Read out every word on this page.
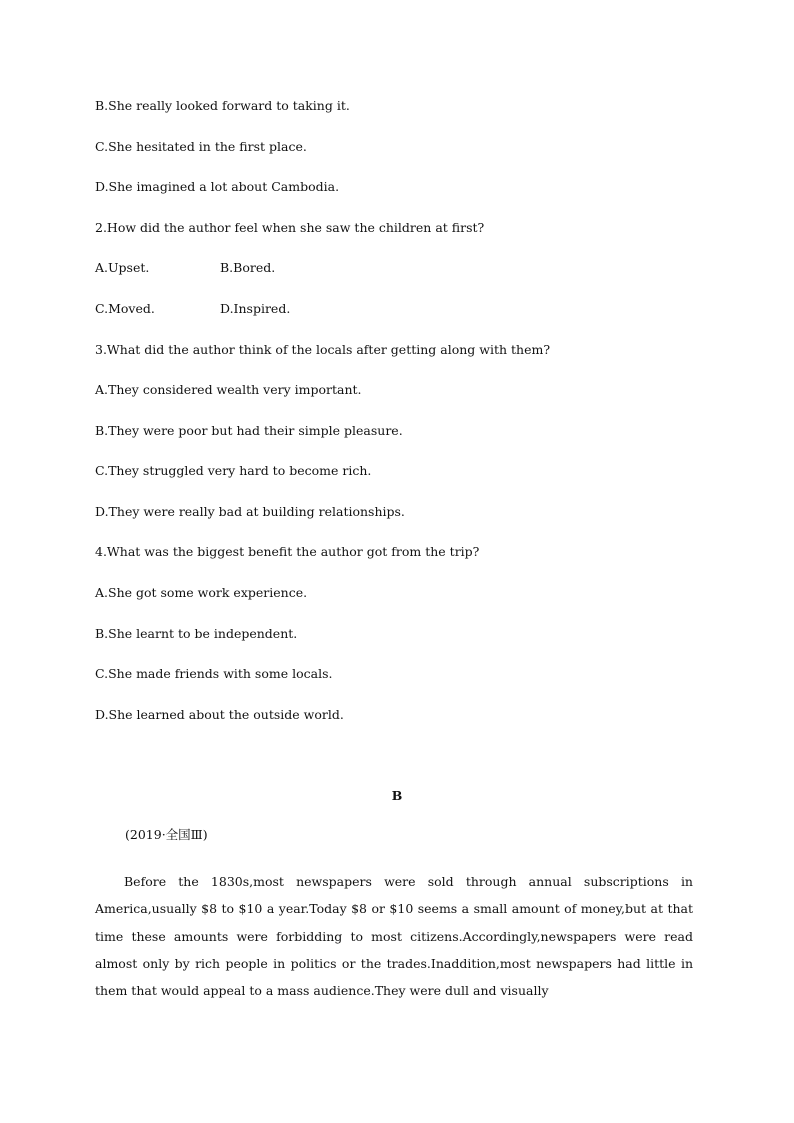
B.She really looked forward to taking it.
C.She hesitated in the first place.
D.She imagined a lot about Cambodia.
2.How did the author feel when she saw the children at first?
A.Upset.	B.Bored.
C.Moved.	D.Inspired.
3.What did the author think of the locals after getting along with them?
A.They considered wealth very important.
B.They were poor but had their simple pleasure.
C.They struggled very hard to become rich.
D.They were really bad at building relationships.
4.What was the biggest benefit the author got from the trip?
A.She got some work experience.
B.She learnt to be independent.
C.She made friends with some locals.
D.She learned about the outside world.
B
(2019·全国Ⅲ)
Before the 1830s,most newspapers were sold through annual subscriptions in America,usually $8 to $10 a year.Today $8 or $10 seems a small amount of money,but at that time these amounts were forbidding to most citizens.Accordingly,newspapers were read almost only by rich people in politics or the trades.Inaddition,most newspapers had little in them that would appeal to a mass audience.They were dull and visually
